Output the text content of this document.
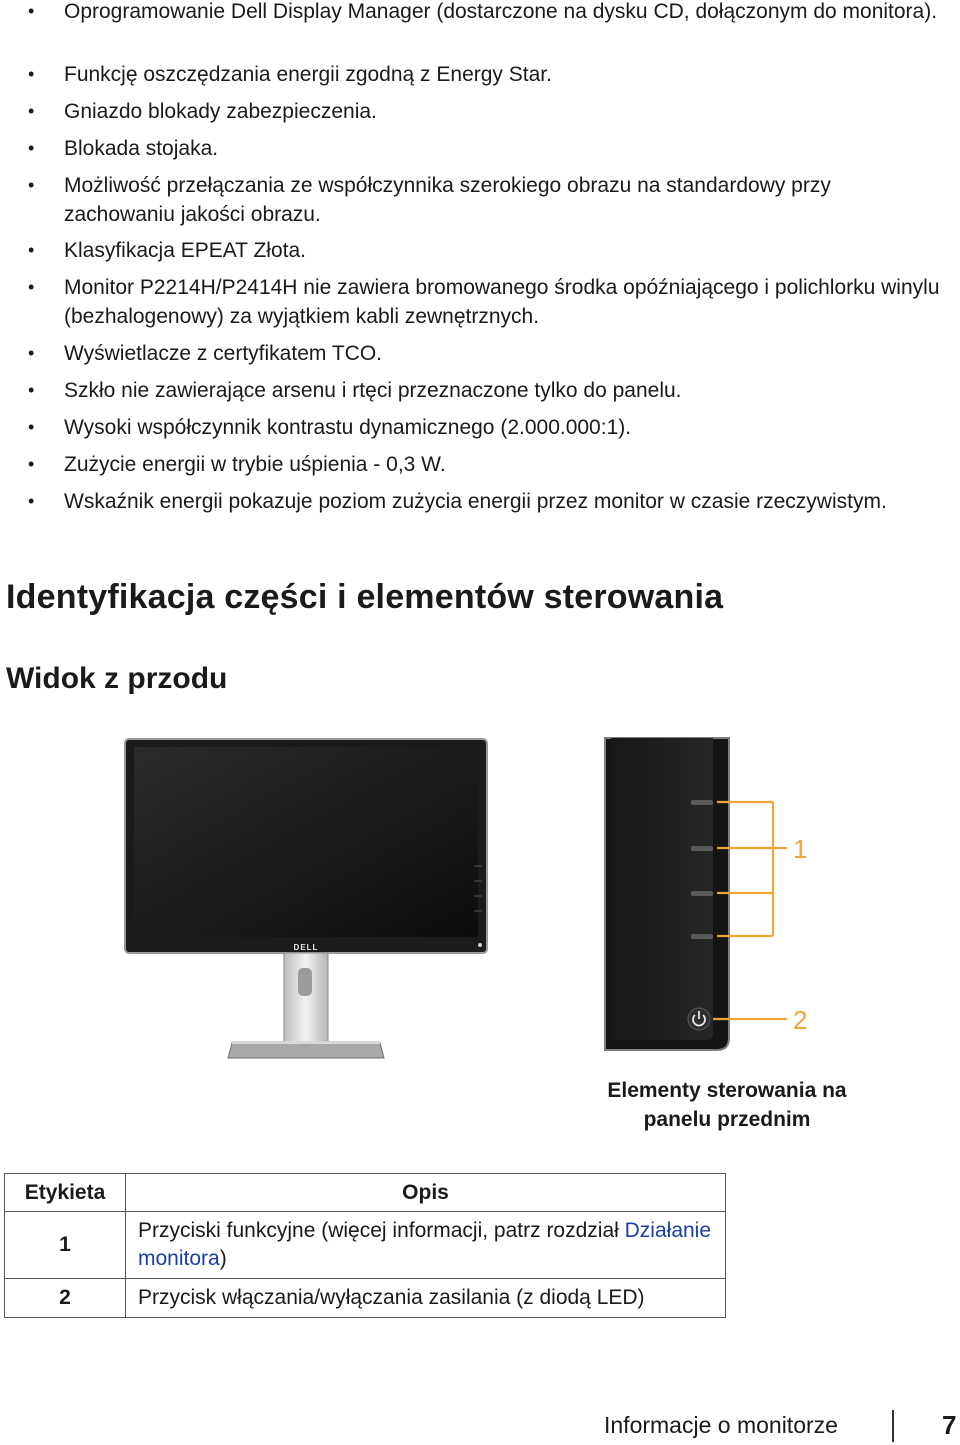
• Oprogramowanie Dell Display Manager (dostarczone na dysku CD, dołączonym do monitora).
• Funkcję oszczędzania energii zgodną z Energy Star.
• Gniazdo blokady zabezpieczenia.
• Blokada stojaka.
• Możliwość przełączania ze współczynnika szerokiego obrazu na standardowy przy zachowaniu jakości obrazu.
• Klasyfikacja EPEAT Złota.
• Monitor P2214H/P2414H nie zawiera bromowanego środka opóźniającego i polichlorku winylu (bezhalogenowy) za wyjątkiem kabli zewnętrznych.
• Wyświetlacze z certyfikatem TCO.
• Szkło nie zawierające arsenu i rtęci przeznaczone tylko do panelu.
• Wysoki współczynnik kontrastu dynamicznego (2.000.000:1).
• Zużycie energii w trybie uśpienia - 0,3 W.
• Wskaźnik energii pokazuje poziom zużycia energii przez monitor w czasie rzeczywistym.
Identyfikacja części i elementów sterowania
Widok z przodu
DELL
1
2
Elementy sterowania na panelu przednim
Etykieta	Opis
1	Przyciski funkcyjne (więcej informacji, patrz rozdział Działanie monitora)
2	Przycisk włączania/wyłączania zasilania (z diodą LED)
Informacje o monitorze	7
